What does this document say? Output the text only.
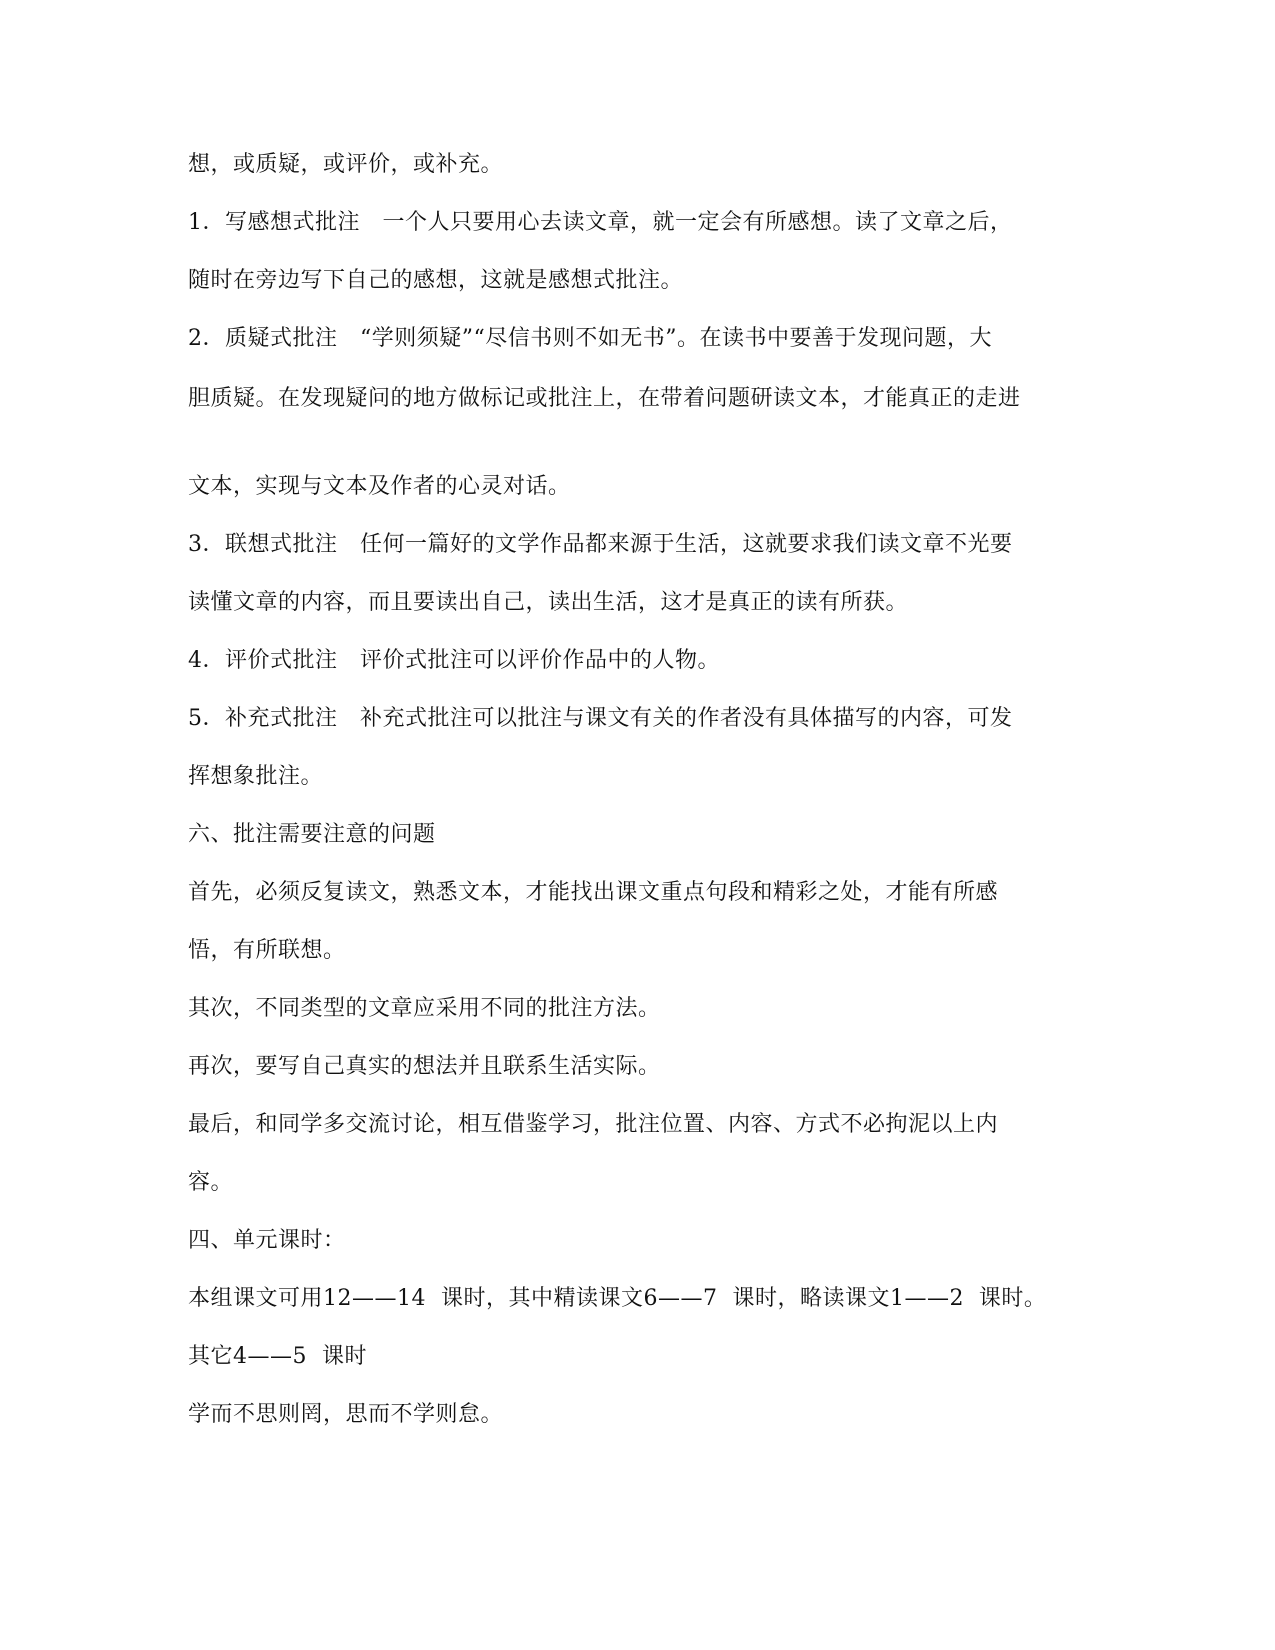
想，或质疑，或评价，或补充。
1．写感想式批注　一个人只要用心去读文章，就一定会有所感想。读了文章之后，
随时在旁边写下自己的感想，这就是感想式批注。
2．质疑式批注　“学则须疑”“尽信书则不如无书”。在读书中要善于发现问题，大
胆质疑。在发现疑问的地方做标记或批注上，在带着问题研读文本，才能真正的走进
文本，实现与文本及作者的心灵对话。
3．联想式批注　任何一篇好的文学作品都来源于生活，这就要求我们读文章不光要
读懂文章的内容，而且要读出自己，读出生活，这才是真正的读有所获。
4．评价式批注　评价式批注可以评价作品中的人物。
5．补充式批注　补充式批注可以批注与课文有关的作者没有具体描写的内容，可发
挥想象批注。
六、批注需要注意的问题
首先，必须反复读文，熟悉文本，才能找出课文重点句段和精彩之处，才能有所感
悟，有所联想。
其次，不同类型的文章应采用不同的批注方法。
再次，要写自己真实的想法并且联系生活实际。
最后，和同学多交流讨论，相互借鉴学习，批注位置、内容、方式不必拘泥以上内
容。
四、单元课时：
本组课文可用12——14  课时，其中精读课文6——7  课时，略读课文1——2  课时。
其它4——5  课时
学而不思则罔，思而不学则怠。
